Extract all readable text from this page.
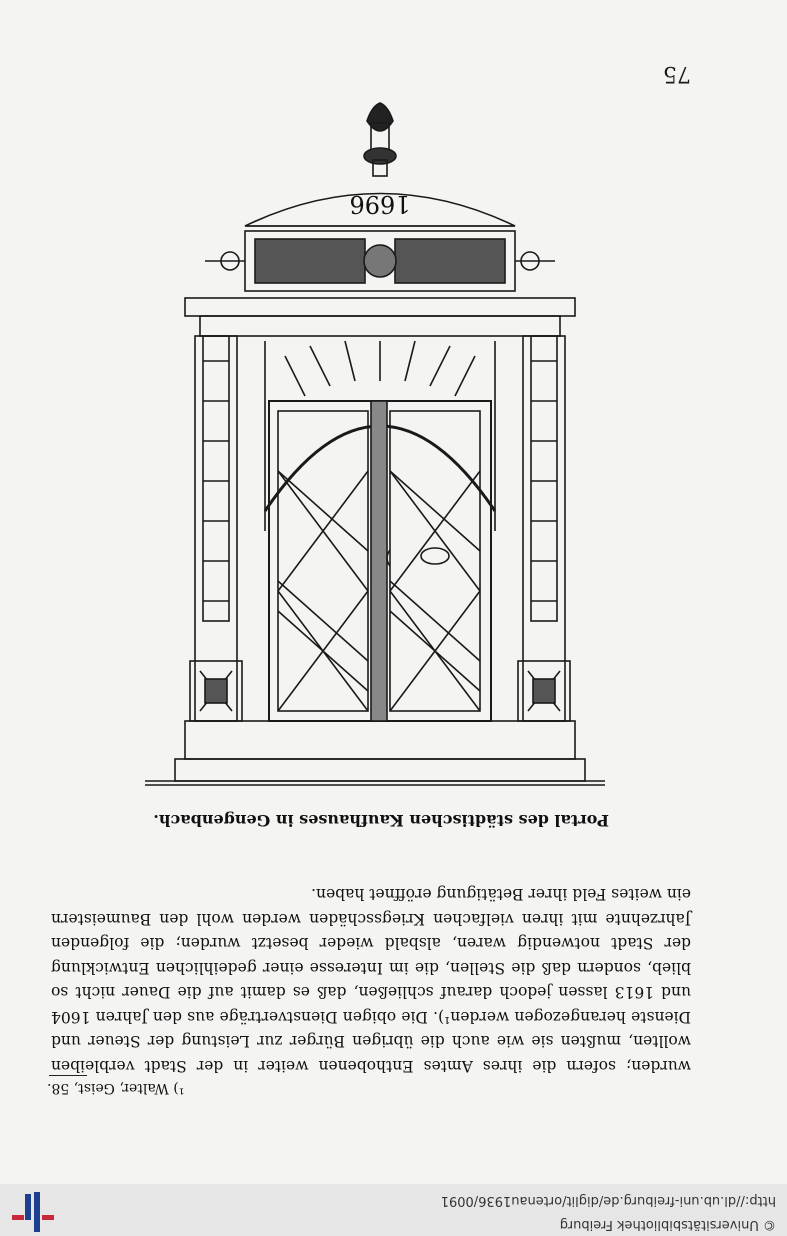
75
1696
Portal des städtischen Kaufhauses in Gengenbach.

wurden; sofern die ihres Amtes Enthobenen weiter in der Stadt verbleiben wollten, mußten sie wie auch die übrigen Bürger zur Leistung der Steuer und Dienste herangezogen werden¹). Die obigen Dienstverträge aus den Jahren 1604 und 1613 lassen jedoch darauf schließen, daß es damit auf die Dauer nicht so blieb, sondern daß die Stellen, die im Interesse einer gedeihlichen Entwicklung der Stadt notwendig waren, alsbald wieder besetzt wurden; die folgenden Jahrzehnte mit ihren vielfachen Kriegsschäden werden wohl den Baumeistern ein weites Feld ihrer Betätigung eröffnet haben.

¹) Walter, Geist, 58.
© Universitätsbibliothek Freiburg
http://dl.ub.uni-freiburg.de/diglit/ortenau1936/0091
